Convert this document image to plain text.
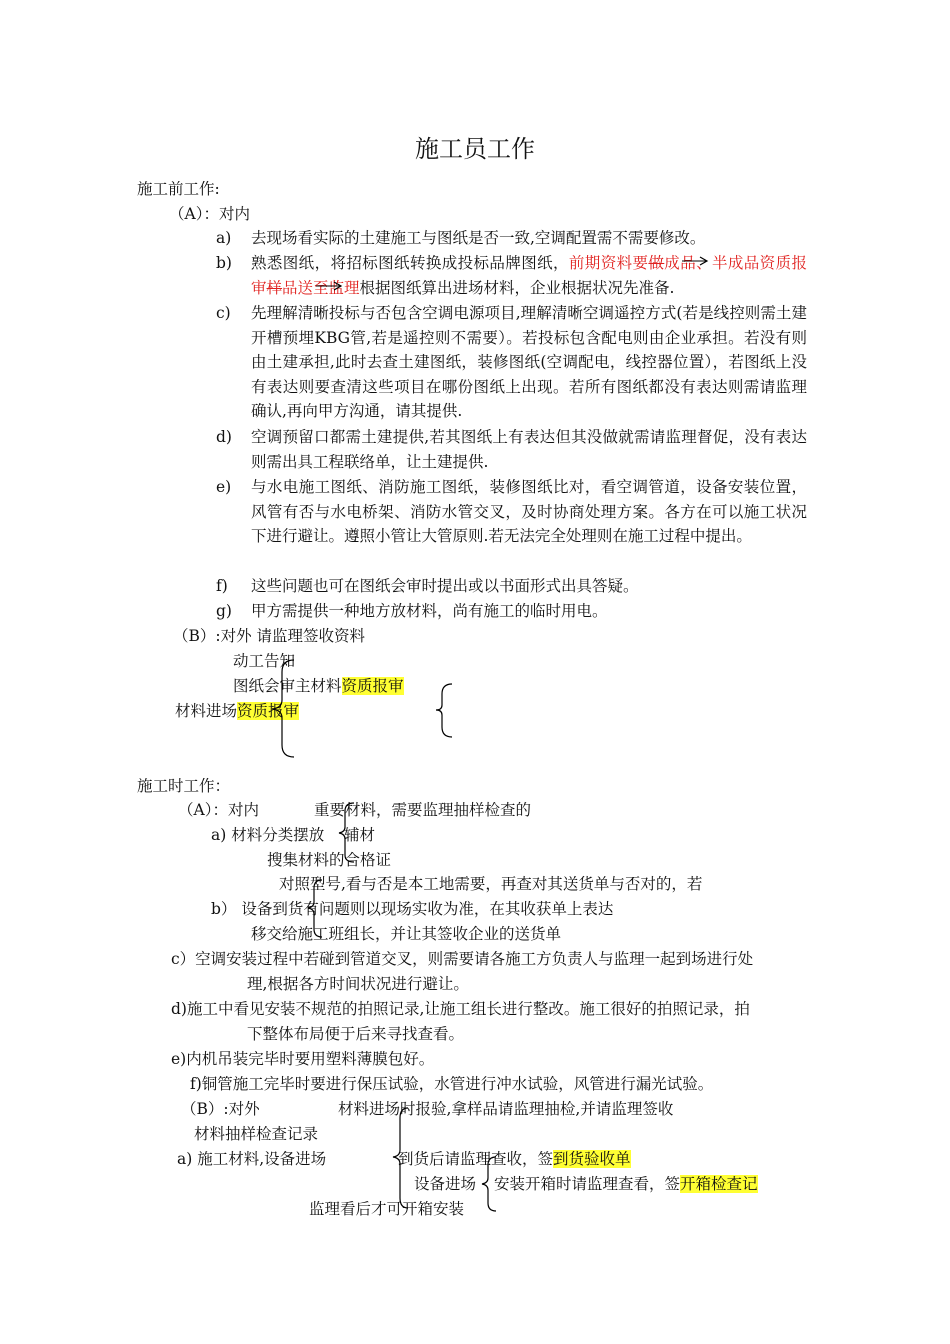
施工员工作
施工前工作:
（A）：对内
a)	去现场看实际的土建施工与图纸是否一致,空调配置需不需要修改。
b)	熟悉图纸，将招标图纸转换成投标品牌图纸，前期资料要做成品、半成品资质报审样品送至监理根据图纸算出进场材料，企业根据状况先准备.
c)	先理解清晰投标与否包含空调电源项目,理解清晰空调遥控方式(若是线控则需土建开槽预埋KBG管,若是遥控则不需要）。若投标包含配电则由企业承担。若没有则由土建承担,此时去查土建图纸，装修图纸(空调配电，线控器位置），若图纸上没有表达则要查清这些项目在哪份图纸上出现。若所有图纸都没有表达则需请监理确认,再向甲方沟通，请其提供.
d)	空调预留口都需土建提供,若其图纸上有表达但其没做就需请监理督促，没有表达则需出具工程联络单，让土建提供.
e)	与水电施工图纸、消防施工图纸，装修图纸比对，看空调管道，设备安装位置，风管有否与水电桥架、消防水管交叉，及时协商处理方案。各方在可以施工状况下进行避让。遵照小管让大管原则.若无法完全处理则在施工过程中提出。
f)	这些问题也可在图纸会审时提出或以书面形式出具答疑。
g)	甲方需提供一种地方放材料，尚有施工的临时用电。
（B）:对外 请监理签收资料
动工告知
图纸会审主材料资质报审
材料进场资质报审
施工时工作：
（A）：对内	重要材料，需要监理抽样检查的
a) 材料分类摆放 辅材
搜集材料的合格证
对照型号,看与否是本工地需要，再查对其送货单与否对的，若
b） 设备到货有问题则以现场实收为准，在其收获单上表达
移交给施工班组长，并让其签收企业的送货单
c）空调安装过程中若碰到管道交叉，则需要请各施工方负责人与监理一起到场进行处
理,根据各方时间状况进行避让。
d)施工中看见安装不规范的拍照记录,让施工组长进行整改。施工很好的拍照记录，拍
下整体布局便于后来寻找查看。
e)内机吊装完毕时要用塑料薄膜包好。
f)铜管施工完毕时要进行保压试验，水管进行冲水试验，风管进行漏光试验。
（B）:对外	材料进场时报验,拿样品请监理抽检,并请监理签收
材料抽样检查记录
a) 施工材料,设备进场	到货后请监理查收，签到货验收单
设备进场 安装开箱时请监理查看，签开箱检查记
监理看后才可开箱安装
